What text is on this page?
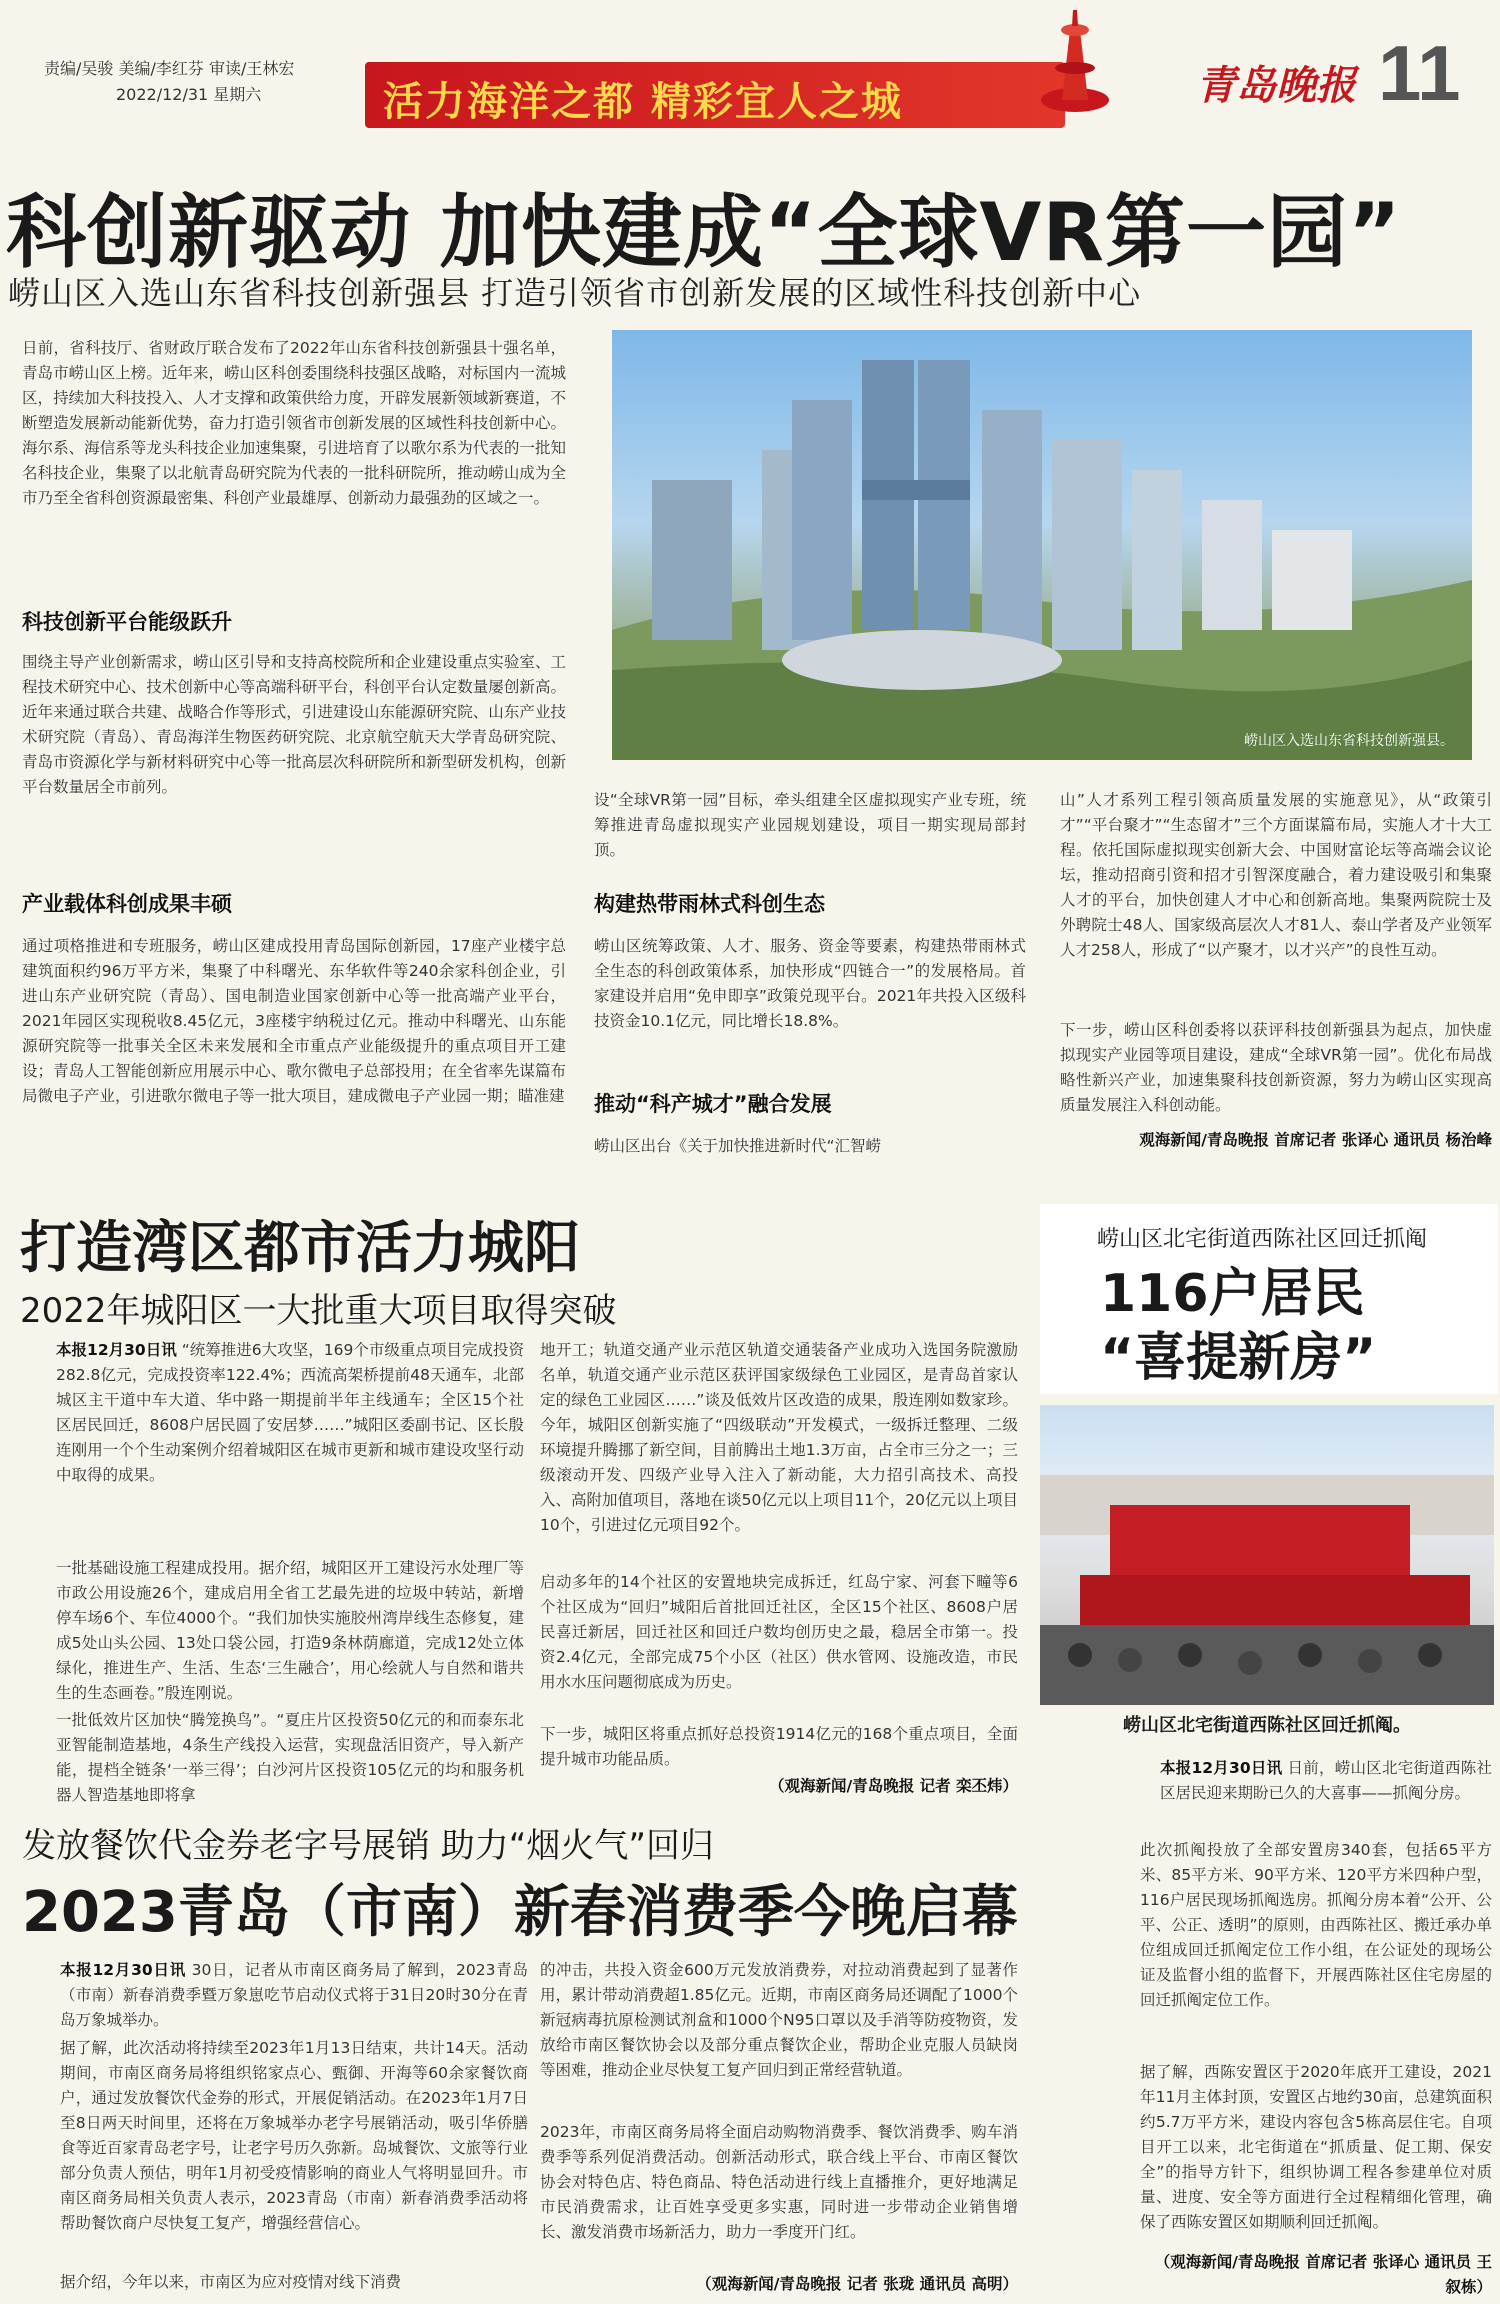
责编/吴骏 美编/李红芬 审读/王林宏
2022/12/31 星期六	活力海洋之都 精彩宜人之城	青岛晚报 11
科创新驱动 加快建成“全球VR第一园”
崂山区入选山东省科技创新强县 打造引领省市创新发展的区域性科技创新中心
日前，省科技厅、省财政厅联合发布了2022年山东省科技创新强县十强名单，青岛市崂山区上榜。近年来，崂山区科创委围绕科技强区战略，对标国内一流城区，持续加大科技投入、人才支撑和政策供给力度，开辟发展新领域新赛道，不断塑造发展新动能新优势，奋力打造引领省市创新发展的区域性科技创新中心。海尔系、海信系等龙头科技企业加速集聚，引进培育了以歌尔系为代表的一批知名科技企业，集聚了以北航青岛研究院为代表的一批科研院所，推动崂山成为全市乃至全省科创资源最密集、科创产业最雄厚、创新动力最强劲的区域之一。
科技创新平台能级跃升
围绕主导产业创新需求，崂山区引导和支持高校院所和企业建设重点实验室、工程技术研究中心、技术创新中心等高端科研平台，科创平台认定数量屡创新高。近年来通过联合共建、战略合作等形式，引进建设山东能源研究院、山东产业技术研究院（青岛）、青岛海洋生物医药研究院、北京航空航天大学青岛研究院、青岛市资源化学与新材料研究中心等一批高层次科研院所和新型研发机构，创新平台数量居全市前列。
产业载体科创成果丰硕
通过项格推进和专班服务，崂山区建成投用青岛国际创新园，17座产业楼宇总建筑面积约96万平方米，集聚了中科曙光、东华软件等240余家科创企业，引进山东产业研究院（青岛）、国电制造业国家创新中心等一批高端产业平台，2021年园区实现税收8.45亿元，3座楼宇纳税过亿元。推动中科曙光、山东能源研究院等一批事关全区未来发展和全市重点产业能级提升的重点项目开工建设；青岛人工智能创新应用展示中心、歌尔微电子总部投用；在全省率先谋篇布局微电子产业，引进歌尔微电子等一批大项目，建成微电子产业园一期；瞄准建
崂山区入选山东省科技创新强县。
设“全球VR第一园”目标，牵头组建全区虚拟现实产业专班，统筹推进青岛虚拟现实产业园规划建设，项目一期实现局部封顶。
构建热带雨林式科创生态
崂山区统筹政策、人才、服务、资金等要素，构建热带雨林式全生态的科创政策体系，加快形成“四链合一”的发展格局。首家建设并启用“免申即享”政策兑现平台。2021年共投入区级科技资金10.1亿元，同比增长18.8%。
推动“科产城才”融合发展
崂山区出台《关于加快推进新时代“汇智崂
山”人才系列工程引领高质量发展的实施意见》，从“政策引才”“平台聚才”“生态留才”三个方面谋篇布局，实施人才十大工程。依托国际虚拟现实创新大会、中国财富论坛等高端会议论坛，推动招商引资和招才引智深度融合，着力建设吸引和集聚人才的平台，加快创建人才中心和创新高地。集聚两院院士及外聘院士48人、国家级高层次人才81人、泰山学者及产业领军人才258人，形成了“以产聚才，以才兴产”的良性互动。
下一步，崂山区科创委将以获评科技创新强县为起点，加快虚拟现实产业园等项目建设，建成“全球VR第一园”。优化布局战略性新兴产业，加速集聚科技创新资源，努力为崂山区实现高质量发展注入科创动能。
观海新闻/青岛晚报 首席记者 张译心 通讯员 杨治峰
打造湾区都市活力城阳
2022年城阳区一大批重大项目取得突破
本报12月30日讯 “统筹推进6大攻坚，169个市级重点项目完成投资282.8亿元，完成投资率122.4%；西流高架桥提前48天通车，北部城区主干道中车大道、华中路一期提前半年主线通车；全区15个社区居民回迁，8608户居民圆了安居梦……”城阳区委副书记、区长殷连刚用一个个生动案例介绍着城阳区在城市更新和城市建设攻坚行动中取得的成果。
一批基础设施工程建成投用。据介绍，城阳区开工建设污水处理厂等市政公用设施26个，建成启用全省工艺最先进的垃圾中转站，新增停车场6个、车位4000个。“我们加快实施胶州湾岸线生态修复，建成5处山头公园、13处口袋公园，打造9条林荫廊道，完成12处立体绿化，推进生产、生活、生态‘三生融合’，用心绘就人与自然和谐共生的生态画卷。”殷连刚说。
一批低效片区加快“腾笼换鸟”。“夏庄片区投资50亿元的和而泰东北亚智能制造基地，4条生产线投入运营，实现盘活旧资产，导入新产能，提档全链条‘一举三得’；白沙河片区投资105亿元的均和服务机器人智造基地即将拿
地开工；轨道交通产业示范区轨道交通装备产业成功入选国务院激励名单，轨道交通产业示范区获评国家级绿色工业园区，是青岛首家认定的绿色工业园区……”谈及低效片区改造的成果，殷连刚如数家珍。今年，城阳区创新实施了“四级联动”开发模式，一级拆迁整理、二级环境提升腾挪了新空间，目前腾出土地1.3万亩，占全市三分之一；三级滚动开发、四级产业导入注入了新动能，大力招引高技术、高投入、高附加值项目，落地在谈50亿元以上项目11个，20亿元以上项目10个，引进过亿元项目92个。
启动多年的14个社区的安置地块完成拆迁，红岛宁家、河套下疃等6个社区成为“回归”城阳后首批回迁社区，全区15个社区、8608户居民喜迁新居，回迁社区和回迁户数均创历史之最，稳居全市第一。投资2.4亿元，全部完成75个小区（社区）供水管网、设施改造，市民用水水压问题彻底成为历史。
下一步，城阳区将重点抓好总投资1914亿元的168个重点项目，全面提升城市功能品质。
（观海新闻/青岛晚报 记者 栾丕炜）
崂山区北宅街道西陈社区回迁抓阄
116户居民
“喜提新房”
崂山区北宅街道西陈社区回迁抓阄。
本报12月30日讯 日前，崂山区北宅街道西陈社区居民迎来期盼已久的大喜事——抓阄分房。
此次抓阄投放了全部安置房340套，包括65平方米、85平方米、90平方米、120平方米四种户型，116户居民现场抓阄选房。抓阄分房本着“公开、公平、公正、透明”的原则，由西陈社区、搬迁承办单位组成回迁抓阄定位工作小组，在公证处的现场公证及监督小组的监督下，开展西陈社区住宅房屋的回迁抓阄定位工作。
据了解，西陈安置区于2020年底开工建设，2021年11月主体封顶，安置区占地约30亩，总建筑面积约5.7万平方米，建设内容包含5栋高层住宅。自项目开工以来，北宅街道在“抓质量、促工期、保安全”的指导方针下，组织协调工程各参建单位对质量、进度、安全等方面进行全过程精细化管理，确保了西陈安置区如期顺利回迁抓阄。
（观海新闻/青岛晚报 首席记者 张译心 通讯员 王叙栋）
发放餐饮代金券老字号展销 助力“烟火气”回归
2023青岛（市南）新春消费季今晚启幕
本报12月30日讯 30日，记者从市南区商务局了解到，2023青岛（市南）新春消费季暨万象崽吃节启动仪式将于31日20时30分在青岛万象城举办。
据了解，此次活动将持续至2023年1月13日结束，共计14天。活动期间，市南区商务局将组织铭家点心、甄御、开海等60余家餐饮商户，通过发放餐饮代金券的形式，开展促销活动。在2023年1月7日至8日两天时间里，还将在万象城举办老字号展销活动，吸引华侨膳食等近百家青岛老字号，让老字号历久弥新。岛城餐饮、文旅等行业部分负责人预估，明年1月初受疫情影响的商业人气将明显回升。市南区商务局相关负责人表示，2023青岛（市南）新春消费季活动将帮助餐饮商户尽快复工复产，增强经营信心。
据介绍，今年以来，市南区为应对疫情对线下消费
的冲击，共投入资金600万元发放消费券，对拉动消费起到了显著作用，累计带动消费超1.85亿元。近期，市南区商务局还调配了1000个新冠病毒抗原检测试剂盒和1000个N95口罩以及手消等防疫物资，发放给市南区餐饮协会以及部分重点餐饮企业，帮助企业克服人员缺岗等困难，推动企业尽快复工复产回归到正常经营轨道。
2023年，市南区商务局将全面启动购物消费季、餐饮消费季、购车消费季等系列促消费活动。创新活动形式，联合线上平台、市南区餐饮协会对特色店、特色商品、特色活动进行线上直播推介，更好地满足市民消费需求，让百姓享受更多实惠，同时进一步带动企业销售增长、激发消费市场新活力，助力一季度开门红。
（观海新闻/青岛晚报 记者 张珑 通讯员 高明）
